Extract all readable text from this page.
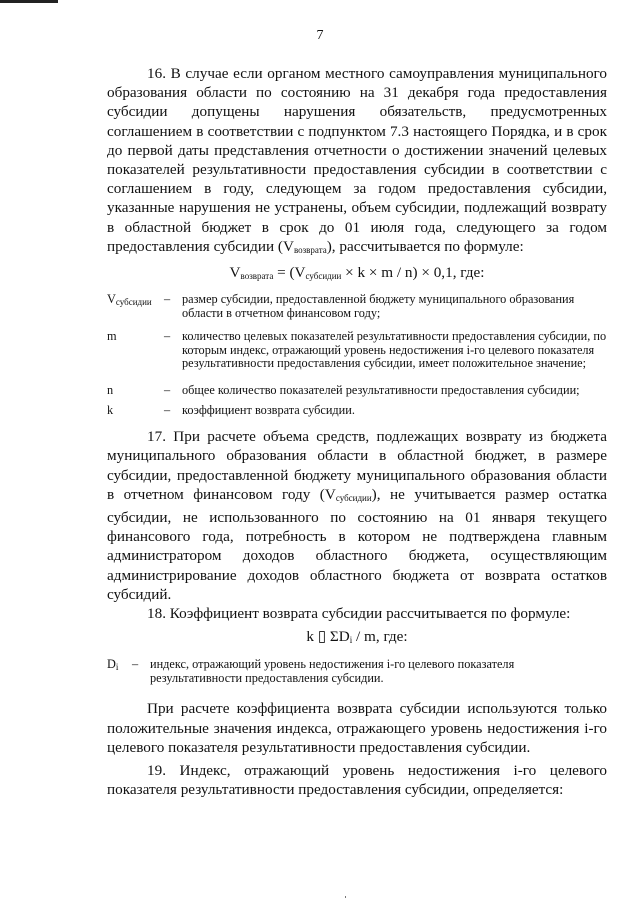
7

16. В случае если органом местного самоуправления муниципального образования области по состоянию на 31 декабря года предоставления субсидии допущены нарушения обязательств, предусмотренных соглашением в соответствии с подпунктом 7.3 настоящего Порядка, и в срок до первой даты представления отчетности о достижении значений целевых показателей результативности предоставления субсидии в соответствии с соглашением в году, следующем за годом предоставления субсидии, указанные нарушения не устранены, объем субсидии, подлежащий возврату в областной бюджет в срок до 01 июля года, следующего за годом предоставления субсидии $(V_{возврата})$, рассчитывается по формуле:

$V_{возврата} = (V_{субсидии} \times k \times m / n) \times 0,1$, где:

Vсубсидии – размер субсидии, предоставленной бюджету муниципального образования области в отчетном финансовом году;
m	– количество целевых показателей результативности предоставления субсидии, по которым индекс, отражающий уровень недостижения i-го целевого показателя результативности предоставления субсидии, имеет положительное значение;
n	– общее количество показателей результативности предоставления субсидии;
k	– коэффициент возврата субсидии.

17. При расчете объема средств, подлежащих возврату из бюджета муниципального образования области в областной бюджет, в размере субсидии, предоставленной бюджету муниципального образования области в отчетном финансовом году $(V_{субсидии})$, не учитывается размер остатка субсидии, не использованного по состоянию на 01 января текущего финансового года, потребность в котором не подтверждена главным администратором доходов областного бюджета, осуществляющим администрирование доходов областного бюджета от возврата остатков субсидий.

18. Коэффициент возврата субсидии рассчитывается по формуле:

k ▯ $\Sigma D_i$ / m, где:

Di	– индекс, отражающий уровень недостижения i-го целевого показателя результативности предоставления субсидии.

При расчете коэффициента возврата субсидии используются только положительные значения индекса, отражающего уровень недостижения i-го целевого показателя результативности предоставления субсидии.

19. Индекс, отражающий уровень недостижения i-го целевого показателя результативности предоставления субсидии, определяется:
